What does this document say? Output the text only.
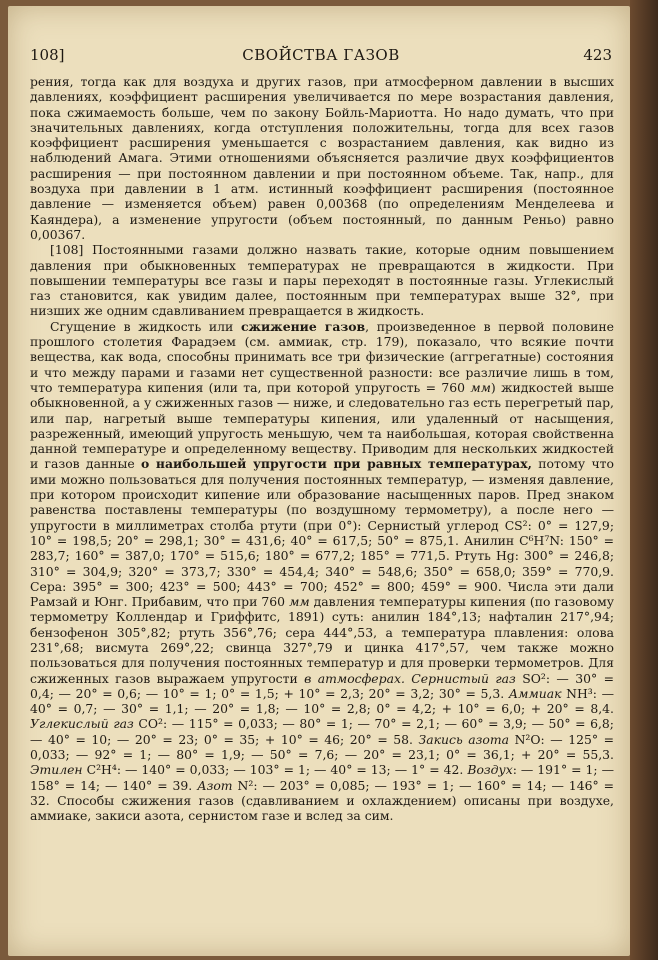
108]	СВОЙСТВА ГАЗОВ	423

рения, тогда как для воздуха и других газов, при атмосферном давлении в высших давлениях, коэффициент расширения увеличивается по мере возрастания давления, пока сжимаемость больше, чем по закону Бойль-Мариотта. Но надо думать, что при значительных давлениях, когда отступления положительны, тогда для всех газов коэффициент расширения уменьшается с возрастанием давления, как видно из наблюдений Амага. Этими отношениями объясняется различие двух коэффициентов расширения — при постоянном давлении и при постоянном объеме. Так, напр., для воздуха при давлении в 1 атм. истинный коэффициент расширения (постоянное давление — изменяется объем) равен 0,00368 (по определениям Менделеева и Каяндера), а изменение упругости (объем постоянный, по данным Реньо) равно 0,00367.

[108] Постоянными газами должно назвать такие, которые одним повышением давления при обыкновенных температурах не превращаются в жидкости. При повышении температуры все газы и пары переходят в постоянные газы. Углекислый газ становится, как увидим далее, постоянным при температурах выше 32°, при низших же одним сдавливанием превращается в жидкость.

Сгущение в жидкость или сжижение газов, произведенное в первой половине прошлого столетия Фарадэем (см. аммиак, стр. 179), показало, что всякие почти вещества, как вода, способны принимать все три физические (аггрегатные) состояния и что между парами и газами нет существенной разности: все различие лишь в том, что температура кипения (или та, при которой упругость = 760 мм) жидкостей выше обыкновенной, а у сжиженных газов — ниже, и следовательно газ есть перегретый пар, или пар, нагретый выше температуры кипения, или удаленный от насыщения, разреженный, имеющий упругость меньшую, чем та наибольшая, которая свойственна данной температуре и определенному веществу. Приводим для нескольких жидкостей и газов данные о наибольшей упругости при равных температурах, потому что ими можно пользоваться для получения постоянных температур, — изменяя давление, при котором происходит кипение или образование насыщенных паров. Пред знаком равенства поставлены температуры (по воздушному термометру), а после него — упругости в миллиметрах столба ртути (при 0°): Сернистый углерод CS²: 0° = 127,9; 10° = 198,5; 20° = 298,1; 30° = 431,6; 40° = 617,5; 50° = 875,1. Анилин C⁶H⁷N: 150° = 283,7; 160° = 387,0; 170° = 515,6; 180° = 677,2; 185° = 771,5. Ртуть Hg: 300° = 246,8; 310° = 304,9; 320° = 373,7; 330° = 454,4; 340° = 548,6; 350° = 658,0; 359° = 770,9. Сера: 395° = 300; 423° = 500; 443° = 700; 452° = 800; 459° = 900. Числа эти дали Рамзай и Юнг. Прибавим, что при 760 мм давления температуры кипения (по газовому термометру Коллендар и Гриффитс, 1891) суть: анилин 184°,13; нафталин 217°,94; бензофенон 305°,82; ртуть 356°,76; сера 444°,53, а температура плавления: олова 231°,68; висмута 269°,22; свинца 327°,79 и цинка 417°,57, чем также можно пользоваться для получения постоянных температур и для проверки термометров. Для сжиженных газов выражаем упругости в атмосферах. Сернистый газ SO²: — 30° = 0,4; — 20° = 0,6; — 10° = 1; 0° = 1,5; + 10° = 2,3; 20° = 3,2; 30° = 5,3. Аммиак NH³: — 40° = 0,7; — 30° = 1,1; — 20° = 1,8; — 10° = 2,8; 0° = 4,2; + 10° = 6,0; + 20° = 8,4. Углекислый газ CO²: — 115° = 0,033; — 80° = 1; — 70° = 2,1; — 60° = 3,9; — 50° = 6,8; — 40° = 10; — 20° = 23; 0° = 35; + 10° = 46; 20° = 58. Закись азота N²O: — 125° = 0,033; — 92° = 1; — 80° = 1,9; — 50° = 7,6; — 20° = 23,1; 0° = 36,1; + 20° = 55,3. Этилен C²H⁴: — 140° = 0,033; — 103° = 1; — 40° = 13; — 1° = 42. Воздух: — 191° = 1; — 158° = 14; — 140° = 39. Азот N²: — 203° = 0,085; — 193° = 1; — 160° = 14; — 146° = 32. Способы сжижения газов (сдавливанием и охлаждением) описаны при воздухе, аммиаке, закиси азота, сернистом газе и вслед за сим.
